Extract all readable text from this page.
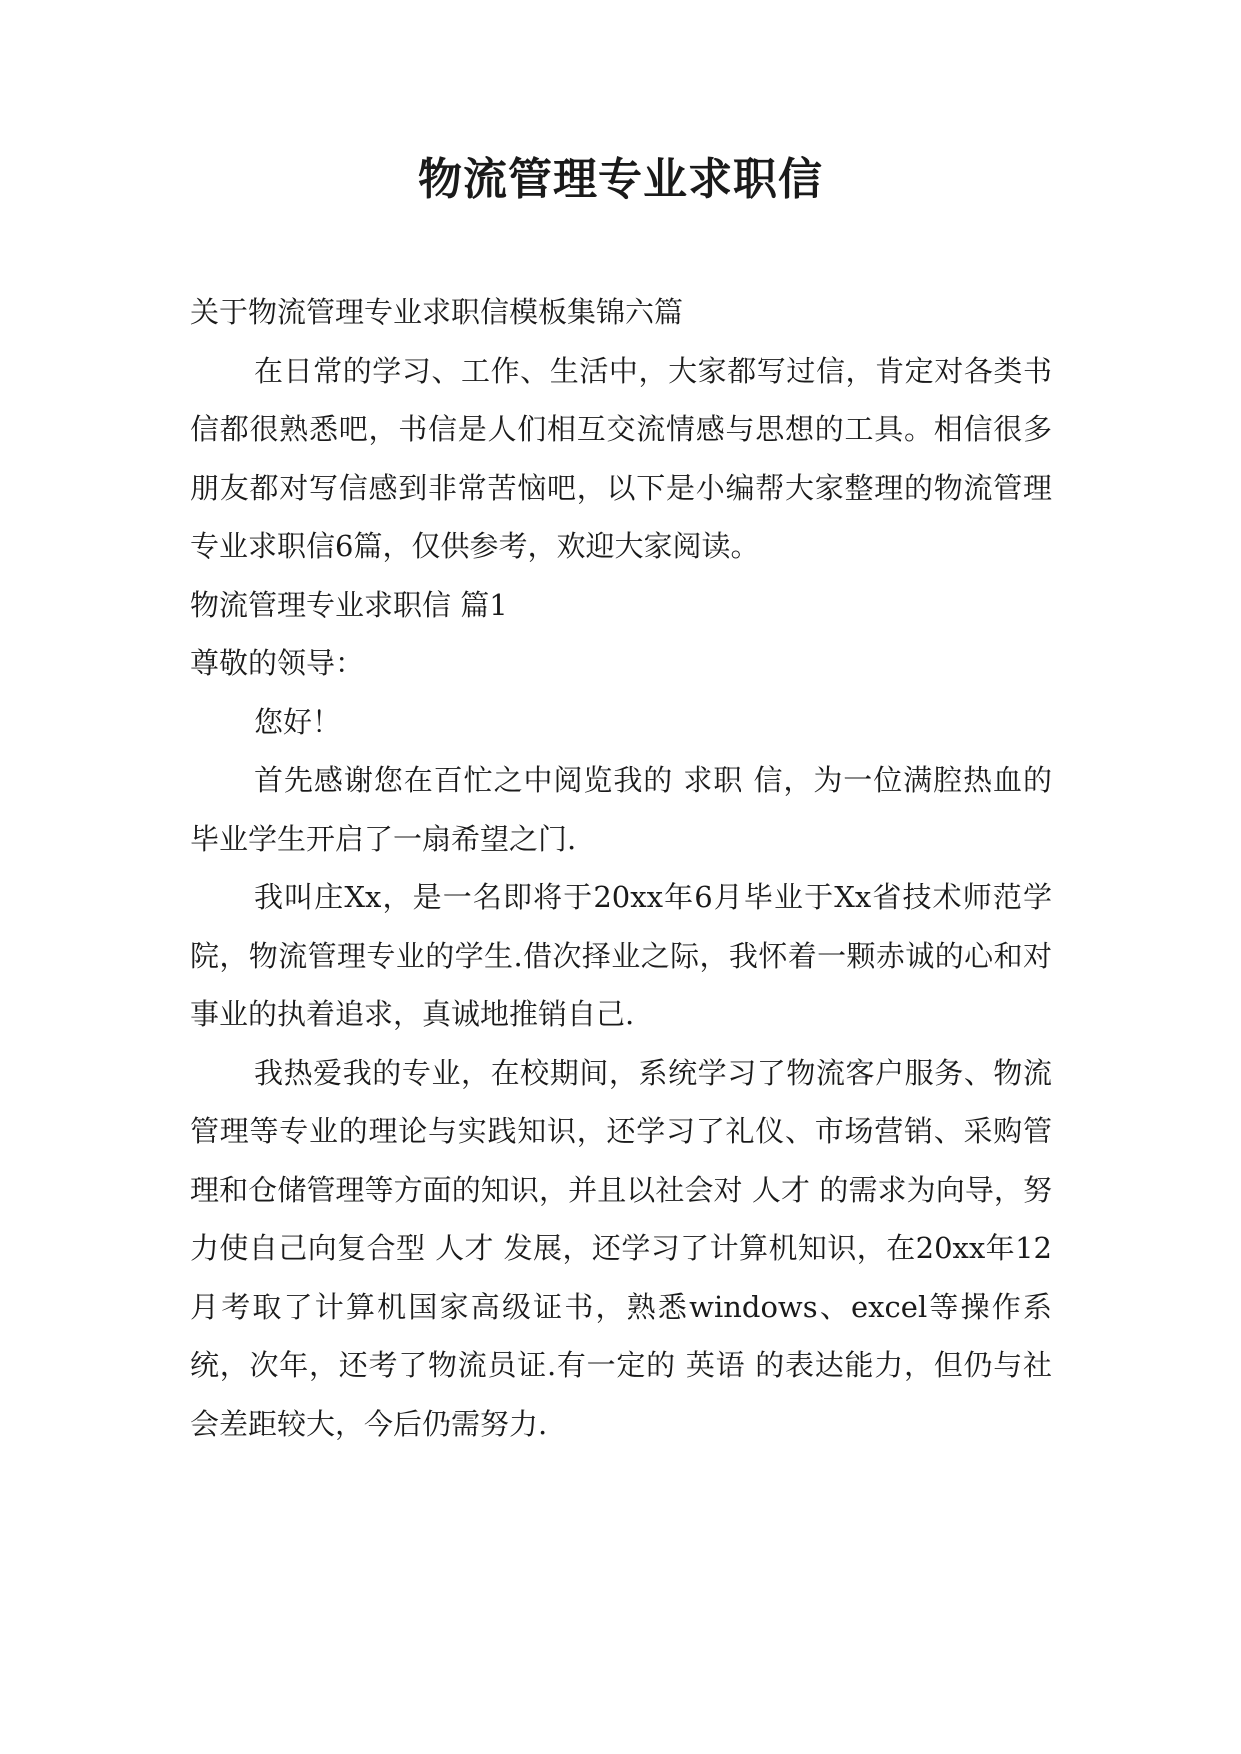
物流管理专业求职信

关于物流管理专业求职信模板集锦六篇

在日常的学习、工作、生活中，大家都写过信，肯定对各类书信都很熟悉吧，书信是人们相互交流情感与思想的工具。相信很多朋友都对写信感到非常苦恼吧，以下是小编帮大家整理的物流管理专业求职信6篇，仅供参考，欢迎大家阅读。

物流管理专业求职信 篇1

尊敬的领导：

您好！

首先感谢您在百忙之中阅览我的 求职 信，为一位满腔热血的毕业学生开启了一扇希望之门.

我叫庄Xx，是一名即将于20xx年6月毕业于Xx省技术师范学院，物流管理专业的学生.借次择业之际，我怀着一颗赤诚的心和对事业的执着追求，真诚地推销自己.

我热爱我的专业，在校期间，系统学习了物流客户服务、物流管理等专业的理论与实践知识，还学习了礼仪、市场营销、采购管理和仓储管理等方面的知识，并且以社会对 人才 的需求为向导，努力使自己向复合型 人才 发展，还学习了计算机知识，在20xx年12月考取了计算机国家高级证书，熟悉windows、excel等操作系统，次年，还考了物流员证.有一定的 英语 的表达能力，但仍与社会差距较大，今后仍需努力.
